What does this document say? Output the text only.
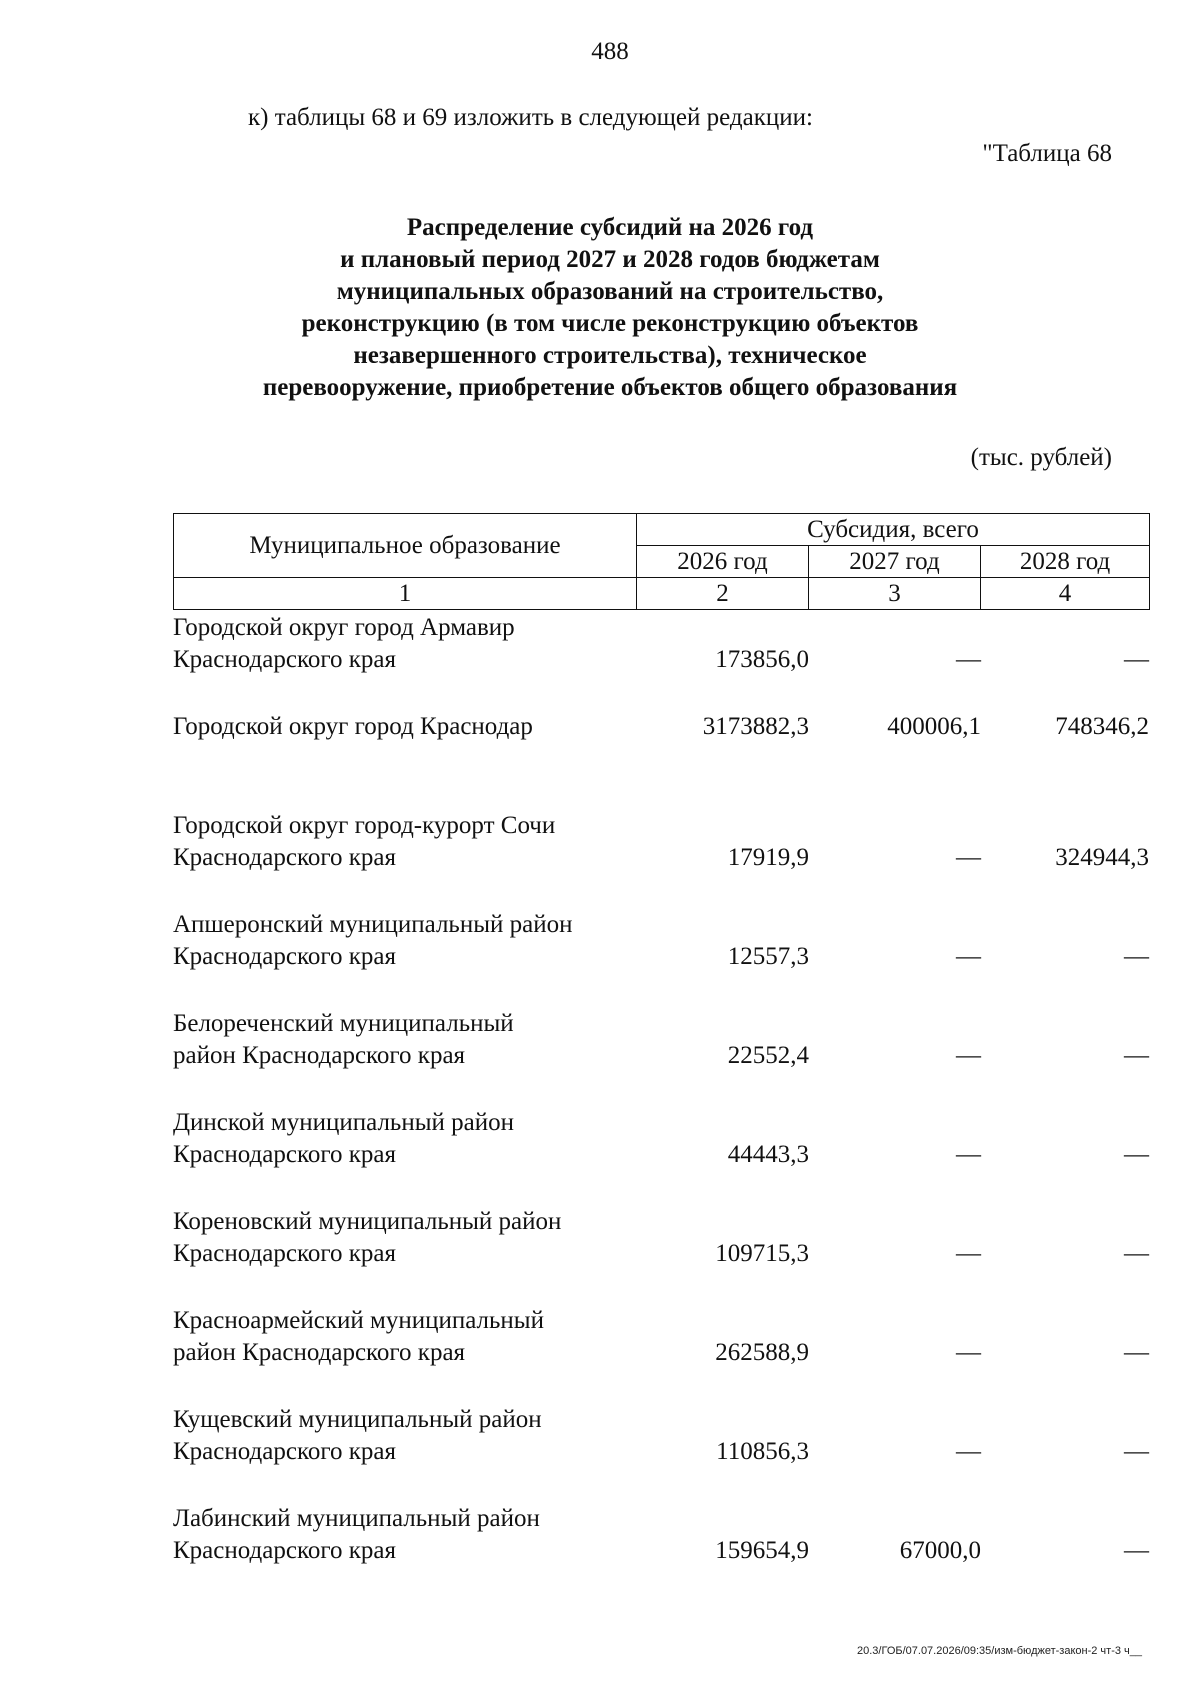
488
к) таблицы 68 и 69 изложить в следующей редакции:
"Таблица 68
Распределение субсидий на 2026 год
и плановый период 2027 и 2028 годов бюджетам
муниципальных образований на строительство,
реконструкцию (в том числе реконструкцию объектов
незавершенного строительства), техническое
перевооружение, приобретение объектов общего образования
(тыс. рублей)
Муниципальное образование	Субсидия, всего		
	2026 год	2027 год	2028 год
1	2	3	4
Городской округ город Армавир
Краснодарского края	173856,0	—	—
Городской округ город Краснодар	3173882,3	400006,1	748346,2
Городской округ город-курорт Сочи
Краснодарского края	17919,9	—	324944,3
Апшеронский муниципальный район
Краснодарского края	12557,3	—	—
Белореченский муниципальный
район Краснодарского края	22552,4	—	—
Динской муниципальный район
Краснодарского края	44443,3	—	—
Кореновский муниципальный район
Краснодарского края	109715,3	—	—
Красноармейский муниципальный
район Краснодарского края	262588,9	—	—
Кущевский муниципальный район
Краснодарского края	110856,3	—	—
Лабинский муниципальный район
Краснодарского края	159654,9	67000,0	—
20.3/ГОБ/07.07.2026/09:35/изм-бюджет-закон-2 чт-3 ч__
